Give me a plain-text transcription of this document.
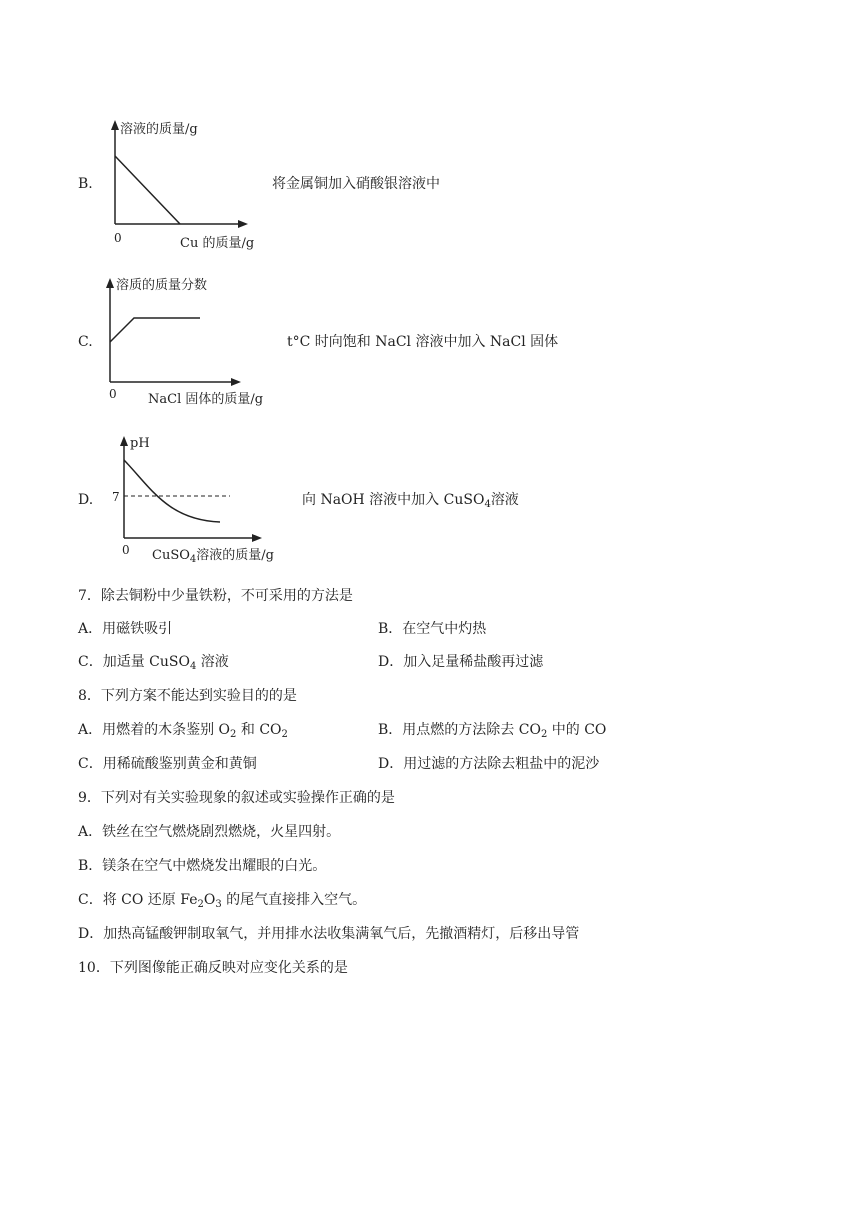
B.
溶液的质量/g
0	Cu 的质量/g
将金属铜加入硝酸银溶液中
C.
溶质的质量分数
0 NaCl 固体的质量/g
t°C 时向饱和 NaCl 溶液中加入 NaCl 固体
D.
pH
7
0 CuSO$_4$溶液的质量/g
向 NaOH 溶液中加入 CuSO$_4$溶液
7．除去铜粉中少量铁粉，不可采用的方法是
A．用磁铁吸引	B．在空气中灼热
C．加适量 CuSO$_4$ 溶液	D．加入足量稀盐酸再过滤
8．下列方案不能达到实验目的的是
A．用燃着的木条鉴别 $O_2$ 和 $CO_2$	B．用点燃的方法除去 $CO_2$ 中的 CO
C．用稀硫酸鉴别黄金和黄铜	D．用过滤的方法除去粗盐中的泥沙
9．下列对有关实验现象的叙述或实验操作正确的是
A．铁丝在空气燃烧剧烈燃烧，火星四射。
B．镁条在空气中燃烧发出耀眼的白光。
C．将 CO 还原 $Fe_2O_3$ 的尾气直接排入空气。
D．加热高锰酸钾制取氧气，并用排水法收集满氧气后，先撤酒精灯，后移出导管
10．下列图像能正确反映对应变化关系的是
